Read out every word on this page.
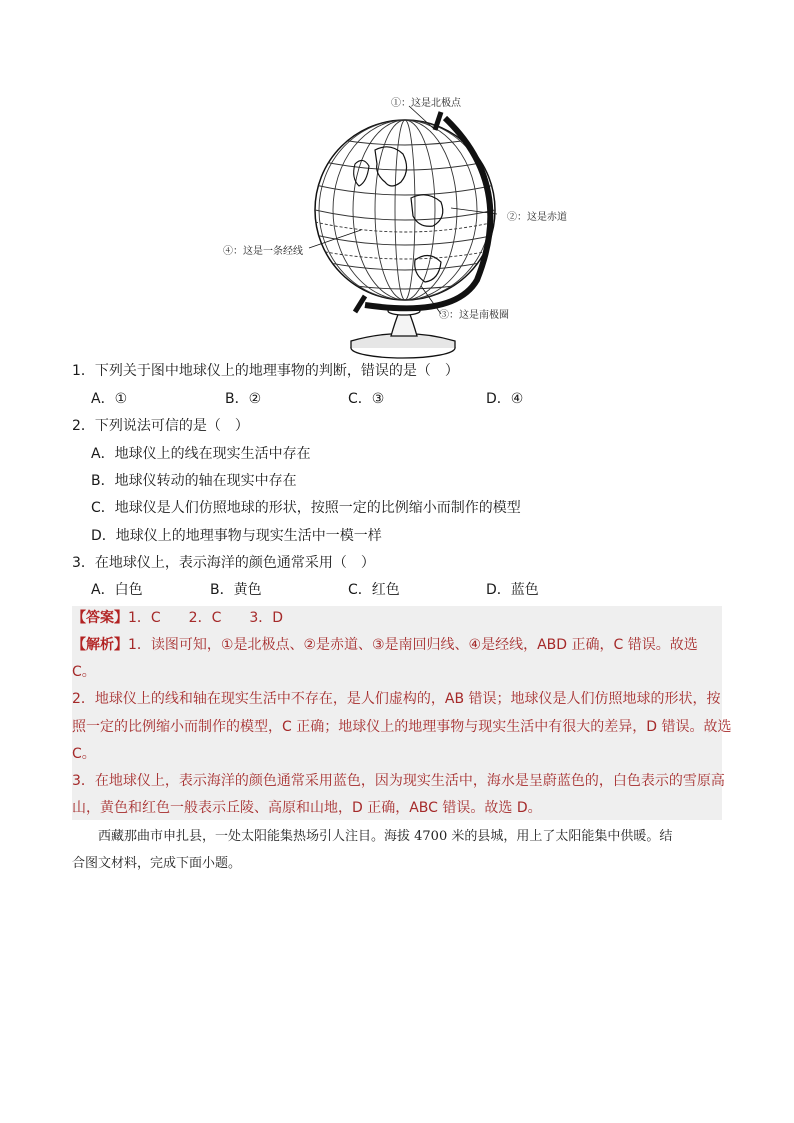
①：这是北极点
②：这是赤道
④：这是一条经线
③：这是南极圈
1．下列关于图中地球仪上的地理事物的判断，错误的是（　）
A．①	B．②	C．③	D．④
2．下列说法可信的是（　）
A．地球仪上的线在现实生活中存在
B．地球仪转动的轴在现实中存在
C．地球仪是人们仿照地球的形状，按照一定的比例缩小而制作的模型
D．地球仪上的地理事物与现实生活中一模一样
3．在地球仪上，表示海洋的颜色通常采用（　）
A．白色	B．黄色	C．红色	D．蓝色
【答案】1．C　　2．C　　3．D
【解析】1．读图可知，①是北极点、②是赤道、③是南回归线、④是经线，ABD 正确，C 错误。故选
C。
2．地球仪上的线和轴在现实生活中不存在，是人们虚构的，AB 错误；地球仪是人们仿照地球的形状，按
照一定的比例缩小而制作的模型，C 正确；地球仪上的地理事物与现实生活中有很大的差异，D 错误。故选
C。
3．在地球仪上，表示海洋的颜色通常采用蓝色，因为现实生活中，海水是呈蔚蓝色的，白色表示的雪原高
山，黄色和红色一般表示丘陵、高原和山地，D 正确，ABC 错误。故选 D。
　　西藏那曲市申扎县，一处太阳能集热场引人注目。海拔 4700 米的县城，用上了太阳能集中供暖。结
合图文材料，完成下面小题。
